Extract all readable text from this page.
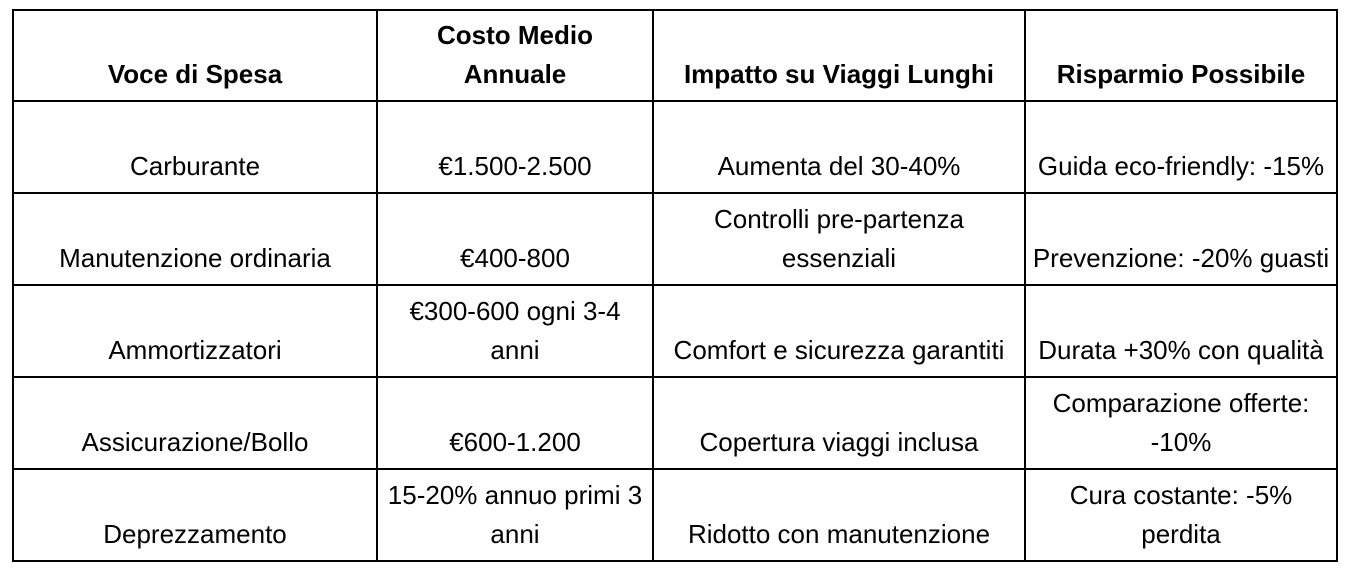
Voce di Spesa	Costo Medio Annuale	Impatto su Viaggi Lunghi	Risparmio Possibile
Carburante	€1.500-2.500	Aumenta del 30-40%	Guida eco-friendly: -15%
Manutenzione ordinaria	€400-800	Controlli pre-partenza essenziali	Prevenzione: -20% guasti
Ammortizzatori	€300-600 ogni 3-4 anni	Comfort e sicurezza garantiti	Durata +30% con qualità
Assicurazione/Bollo	€600-1.200	Copertura viaggi inclusa	Comparazione offerte: -10%
Deprezzamento	15-20% annuo primi 3 anni	Ridotto con manutenzione	Cura costante: -5% perdita
